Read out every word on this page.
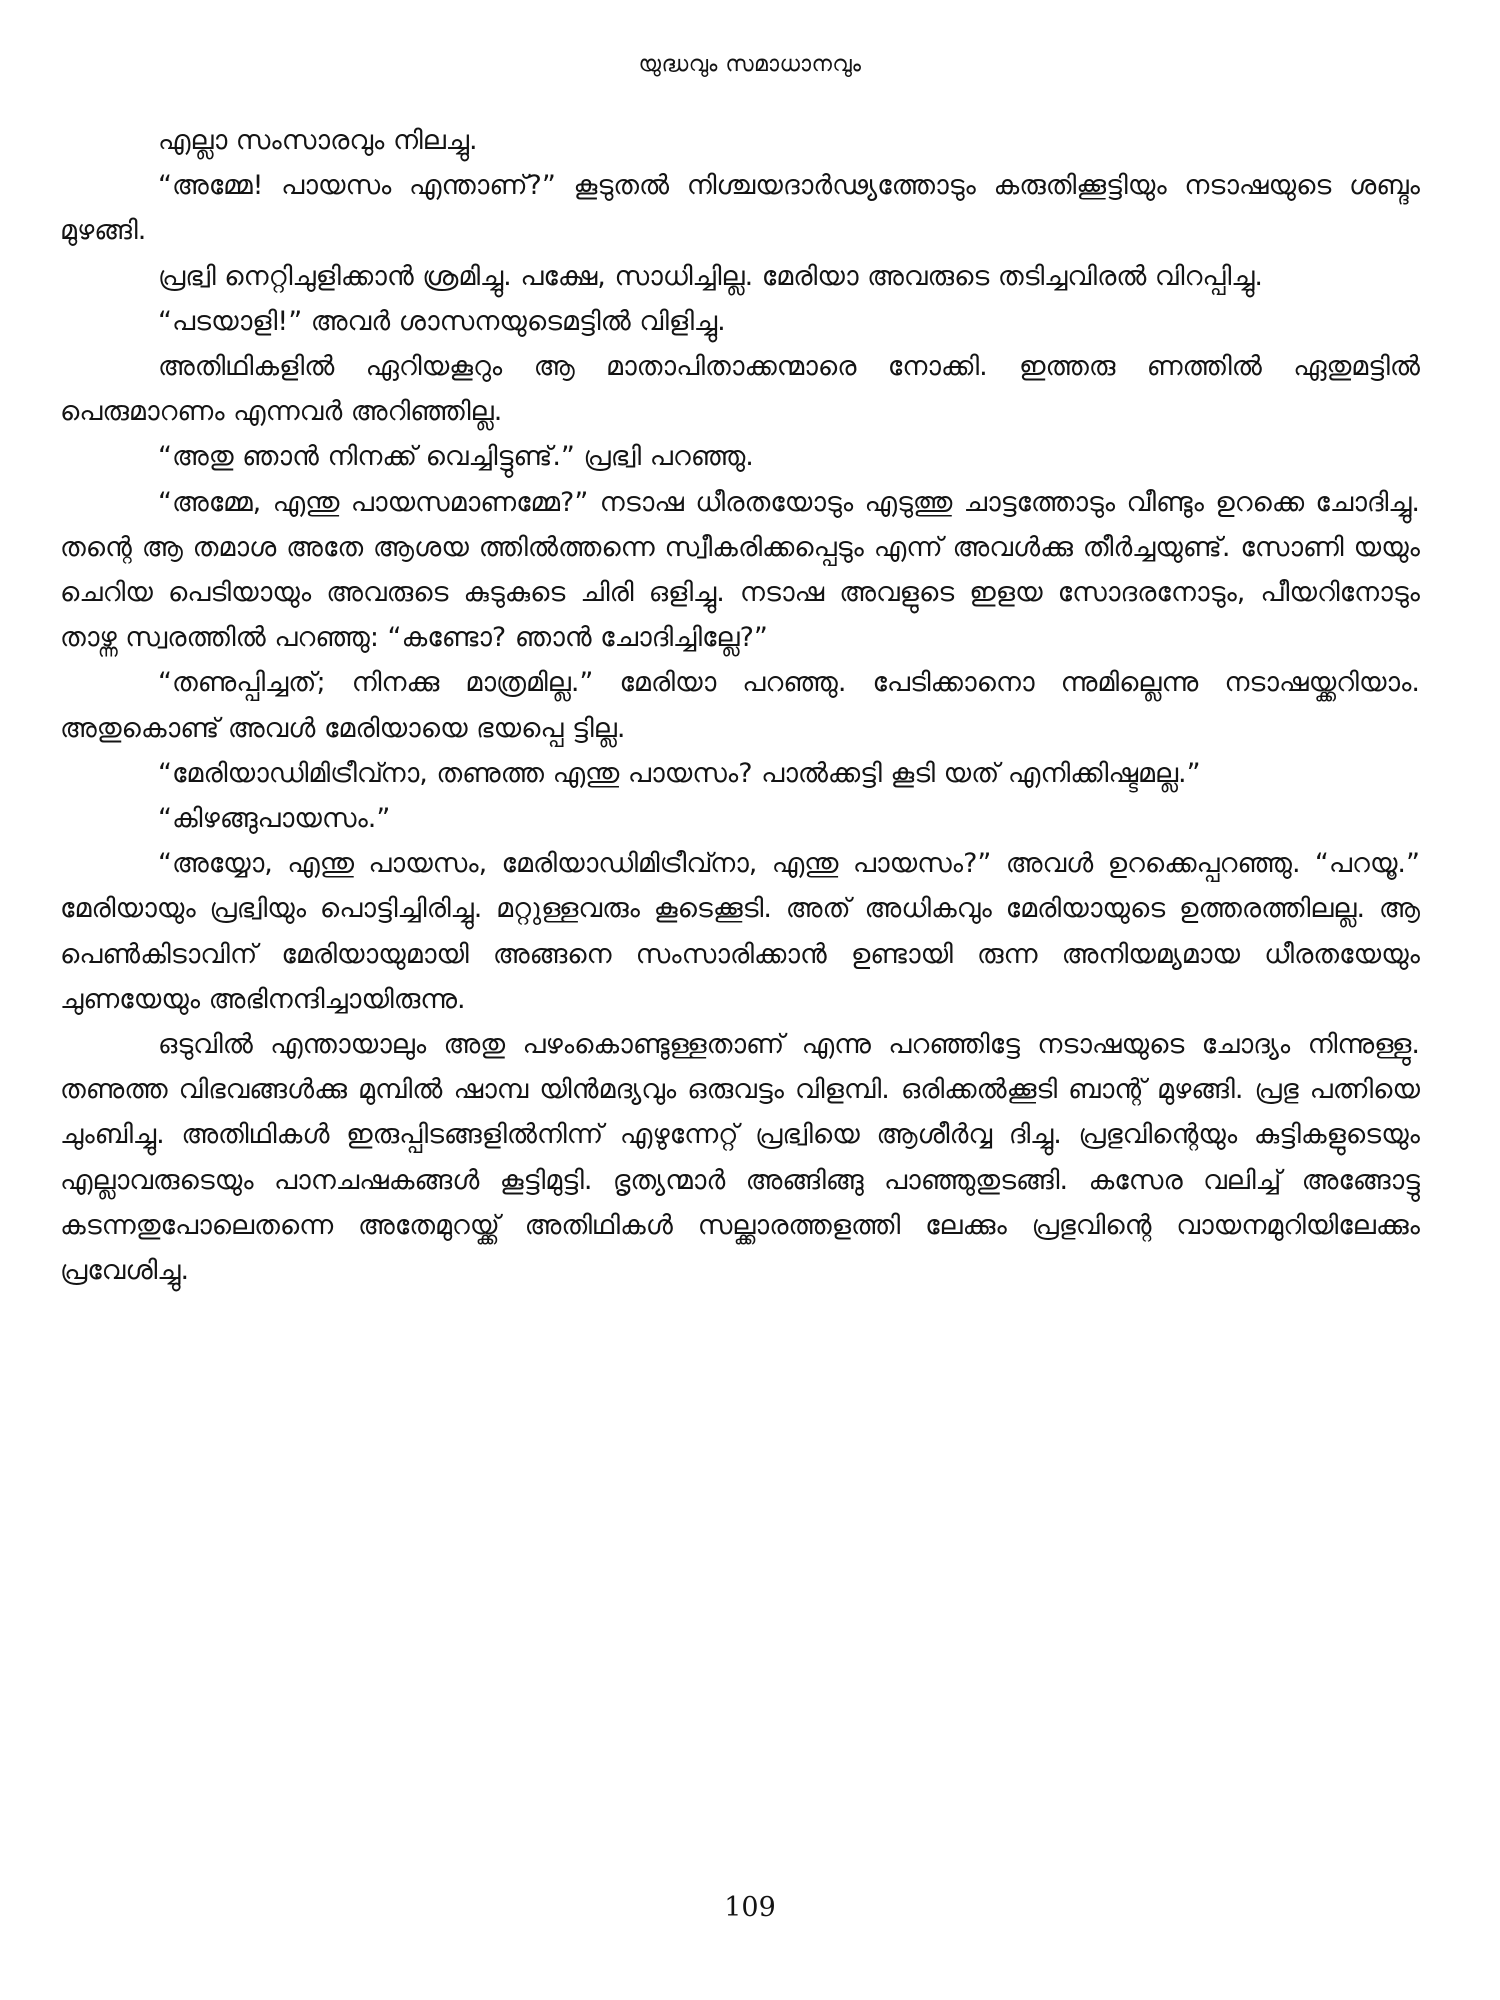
യുദ്ധവും സമാധാനവും

എല്ലാ സംസാരവും നിലച്ചു.

“അമ്മേ! പായസം എന്താണ്?” കൂടുതൽ നിശ്ചയദാർഢ്യത്തോടും കരുതിക്കൂട്ടിയും നടാഷയുടെ ശബ്ദം മുഴങ്ങി.

പ്രഭ്വി നെറ്റിചുളിക്കാൻ ശ്രമിച്ചു. പക്ഷേ, സാധിച്ചില്ല. മേരിയാ അവരുടെ തടിച്ചവിരൽ വിറപ്പിച്ചു.

“പടയാളി!” അവർ ശാസനയുടെമട്ടിൽ വിളിച്ചു.

അതിഥികളിൽ ഏറിയകൂറും ആ മാതാപിതാക്കന്മാരെ നോക്കി. ഇത്തരു ണത്തിൽ ഏതുമട്ടിൽ പെരുമാറണം എന്നവർ അറിഞ്ഞില്ല.

“അതു ഞാൻ നിനക്ക് വെച്ചിട്ടുണ്ട്.” പ്രഭ്വി പറഞ്ഞു.

“അമ്മേ, എന്തു പായസമാണമ്മേ?” നടാഷ ധീരതയോടും എടുത്തു ചാട്ടത്തോടും വീണ്ടും ഉറക്കെ ചോദിച്ചു. തന്റെ ആ തമാശ അതേ ആശയ ത്തിൽത്തന്നെ സ്വീകരിക്കപ്പെടും എന്ന് അവൾക്കു തീർച്ചയുണ്ട്. സോണി യയും ചെറിയ പെടിയായും അവരുടെ കുടുകുടെ ചിരി ഒളിച്ചു. നടാഷ അവളുടെ ഇളയ സോദരനോടും, പീയറിനോടും താഴ്ന്ന സ്വരത്തിൽ പറഞ്ഞു: “കണ്ടോ? ഞാൻ ചോദിച്ചില്ലേ?”

“തണുപ്പിച്ചത്; നിനക്കു മാത്രമില്ല.” മേരിയാ പറഞ്ഞു. പേടിക്കാനൊ ന്നുമില്ലെന്നു നടാഷയ്ക്കറിയാം. അതുകൊണ്ട് അവൾ മേരിയായെ ഭയപ്പെ ട്ടില്ല.

“മേരിയാഡിമിട്രീവ്നാ, തണുത്ത എന്തു പായസം? പാൽക്കട്ടി കൂടി യത് എനിക്കിഷ്ടമല്ല.”

“കിഴങ്ങുപായസം.”

“അയ്യോ, എന്തു പായസം, മേരിയാഡിമിട്രീവ്നാ, എന്തു പായസം?” അവൾ ഉറക്കെപ്പറഞ്ഞു. “പറയൂ.” മേരിയായും പ്രഭ്വിയും പൊട്ടിച്ചിരിച്ചു. മറ്റുള്ളവരും കൂടെക്കൂടി. അത് അധികവും മേരിയായുടെ ഉത്തരത്തിലല്ല. ആ പെൺകിടാവിന് മേരിയായുമായി അങ്ങനെ സംസാരിക്കാൻ ഉണ്ടായി രുന്ന അനിയമ്യമായ ധീരതയേയും ചുണയേയും അഭിനന്ദിച്ചായിരുന്നു.

ഒടുവിൽ എന്തായാലും അതു പഴംകൊണ്ടുള്ളതാണ് എന്നു പറഞ്ഞിട്ടേ നടാഷയുടെ ചോദ്യം നിന്നുള്ളു. തണുത്ത വിഭവങ്ങൾക്കു മുമ്പിൽ ഷാമ്പ യിൻമദ്യവും ഒരുവട്ടം വിളമ്പി. ഒരിക്കൽക്കൂടി ബാന്റ് മുഴങ്ങി. പ്രഭു പത്നിയെ ചുംബിച്ചു. അതിഥികൾ ഇരുപ്പിടങ്ങളിൽനിന്ന് എഴുന്നേറ്റ് പ്രഭ്വിയെ ആശീർവ്വ ദിച്ചു. പ്രഭുവിന്റെയും കുട്ടികളുടെയും എല്ലാവരുടെയും പാനചഷകങ്ങൾ കൂട്ടിമുട്ടി. ഭൃത്യന്മാർ അങ്ങിങ്ങു പാഞ്ഞുതുടങ്ങി. കസേര വലിച്ച് അങ്ങോട്ടു കടന്നതുപോലെതന്നെ അതേമുറയ്ക്ക് അതിഥികൾ സല്ക്കാരത്തളത്തി ലേക്കും പ്രഭുവിന്റെ വായനമുറിയിലേക്കും പ്രവേശിച്ചു.

109
